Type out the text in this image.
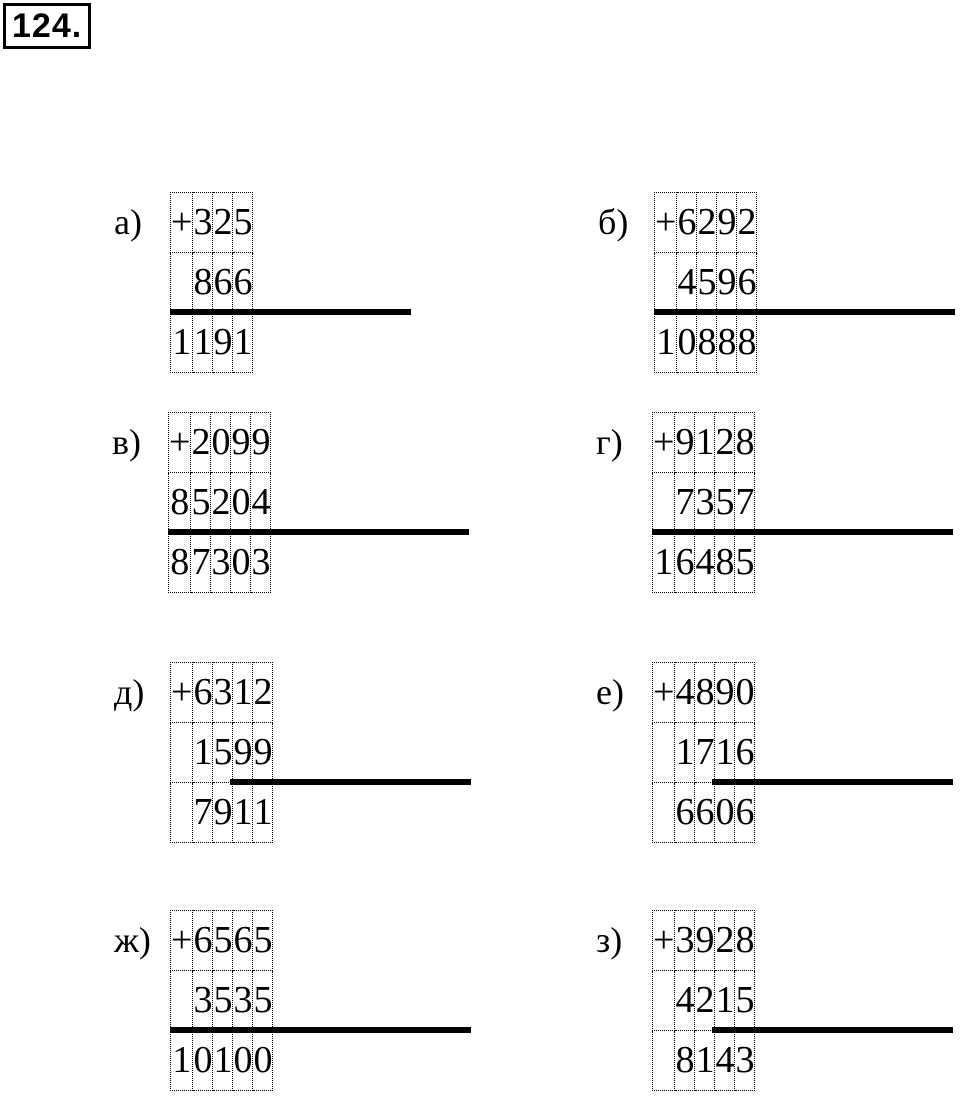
124.
а) +	3	2	5
	8	6	6
1	1	9	1
б) +	6	2	9	2
	4	5	9	6
1	0	8	8	8
в) +	2	0	9	9
8	5	2	0	4
8	7	3	0	3
г) +	9	1	2	8
	7	3	5	7
1	6	4	8	5
д) +	6	3	1	2
	1	5	9	9
	7	9	1	1
е) +	4	8	9	0
	1	7	1	6
	6	6	0	6
ж) +	6	5	6	5
	3	5	3	5
1	0	1	0	0
з) +	3	9	2	8
	4	2	1	5
	8	1	4	3
